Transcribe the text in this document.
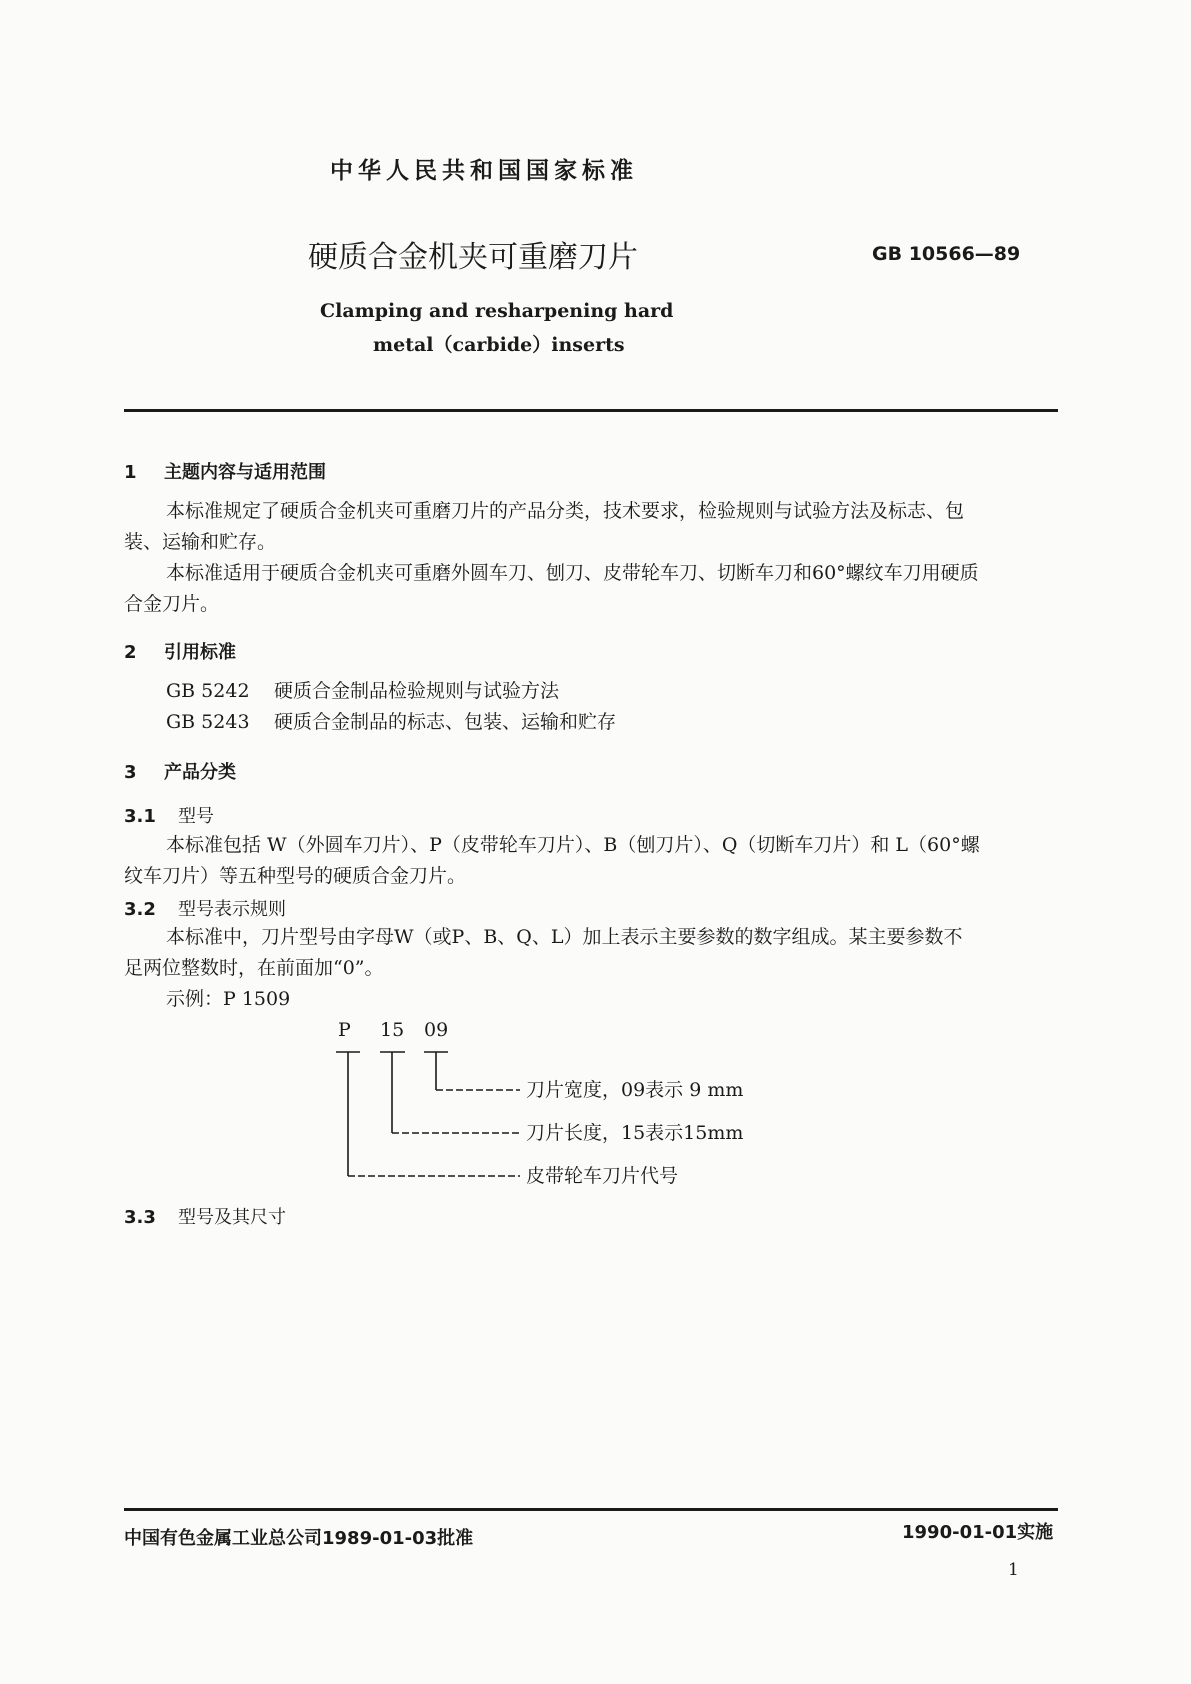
中华人民共和国国家标准
硬质合金机夹可重磨刀片	GB 10566—89
Clamping and resharpening hard
metal（carbide）inserts
1 主题内容与适用范围
本标准规定了硬质合金机夹可重磨刀片的产品分类，技术要求，检验规则与试验方法及标志、包
装、运输和贮存。
本标准适用于硬质合金机夹可重磨外圆车刀、刨刀、皮带轮车刀、切断车刀和60°螺纹车刀用硬质
合金刀片。
2 引用标准
GB 5242 硬质合金制品检验规则与试验方法
GB 5243 硬质合金制品的标志、包装、运输和贮存
3 产品分类
3.1 型号
本标准包括 W（外圆车刀片）、P（皮带轮车刀片）、B（刨刀片）、Q（切断车刀片）和 L（60°螺
纹车刀片）等五种型号的硬质合金刀片。
3.2 型号表示规则
本标准中，刀片型号由字母W（或P、B、Q、L）加上表示主要参数的数字组成。某主要参数不
足两位整数时，在前面加“0”。
示例：P 1509
P 15 09
刀片宽度，09表示 9 mm
刀片长度，15表示15mm
皮带轮车刀片代号
3.3 型号及其尺寸
中国有色金属工业总公司1989-01-03批准	1990-01-01实施
1
